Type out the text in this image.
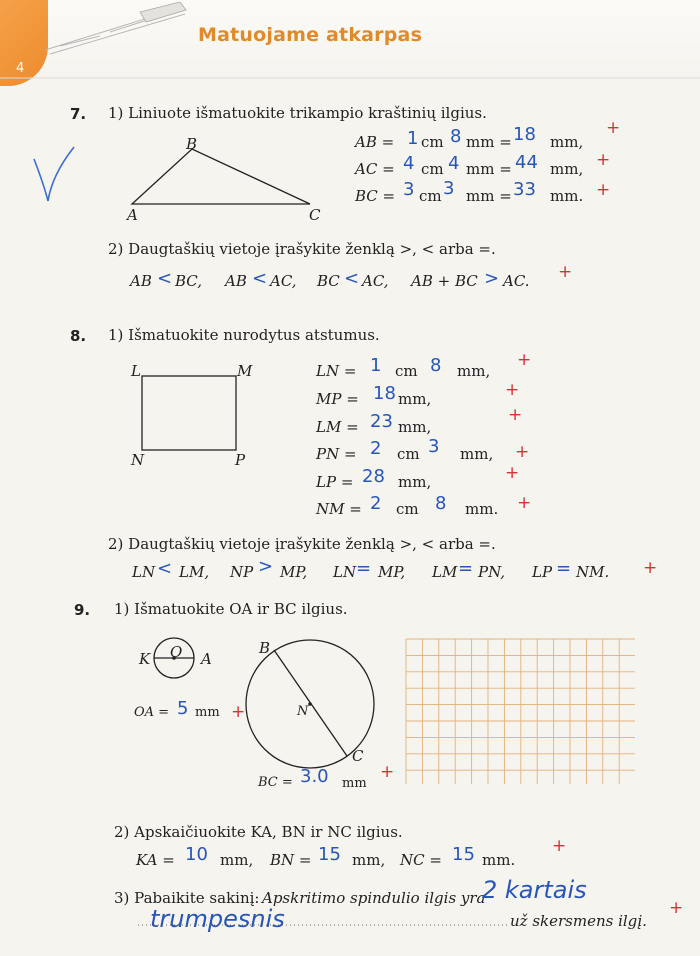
Matuojame atkarpas
4
7. 1) Liniuote išmatuokite trikampio kraštinių ilgius.
B
A	C
AB = 1 cm 8 mm = 18 mm,
+
AC = 4 cm 4 mm = 44 mm, +
BC = 3 cm 3 mm = 33 mm. +
2) Daugtaškių vietoje įrašykite ženklą >, < arba =.
AB < BC, AB < AC, BC < AC, AB + BC > AC. +
8. 1) Išmatuokite nurodytus atstumus.
L	M
N	P
LN = 1 cm 8 mm,
+
MP = 18 mm,	+
LM = 23 mm,
+
PN = 2 cm 3 mm, +
LP = 28 mm,	+
NM = 2 cm 8 mm. +
2) Daugtaškių vietoje įrašykite ženklą >, < arba =.
LN < LM, NP > MP, LN = MP, LM = PN, LP = NM. +
9. 1) Išmatuokite OA ir BC ilgius.
K O A
OA = 5 mm +
B
N
C
BC = 3.0 mm
+
2) Apskaičiuokite KA, BN ir NC ilgius.
KA = 10 mm, BN = 15 mm, NC = 15 mm.
+
3) Pabaikite sakinį: Apskritimo spindulio ilgis yra
2 kartais
trumpesnis	už skersmens ilgį.
+
